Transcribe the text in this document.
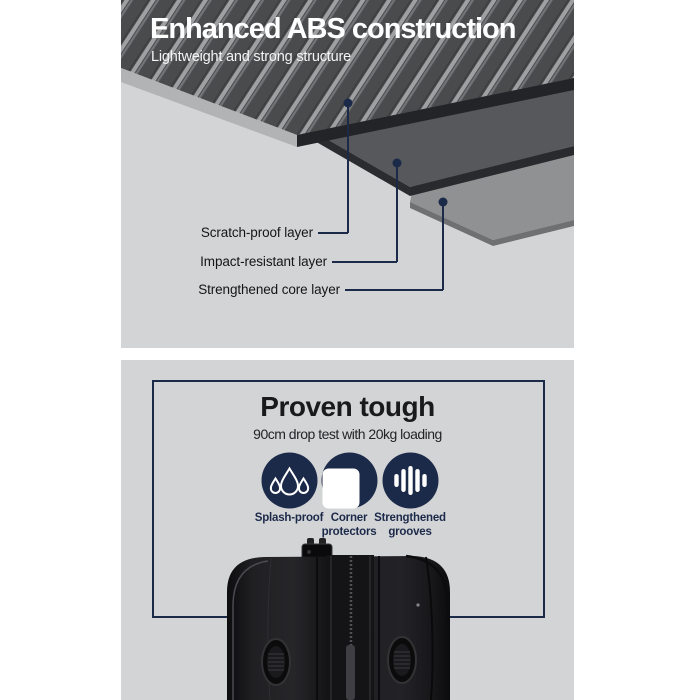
Enhanced ABS construction
Lightweight and strong structure
Scratch-proof layer
Impact-resistant layer
Strengthened core layer
Proven tough
90cm drop test with 20kg loading
Splash-proof Corner protectors
Strengthened grooves
